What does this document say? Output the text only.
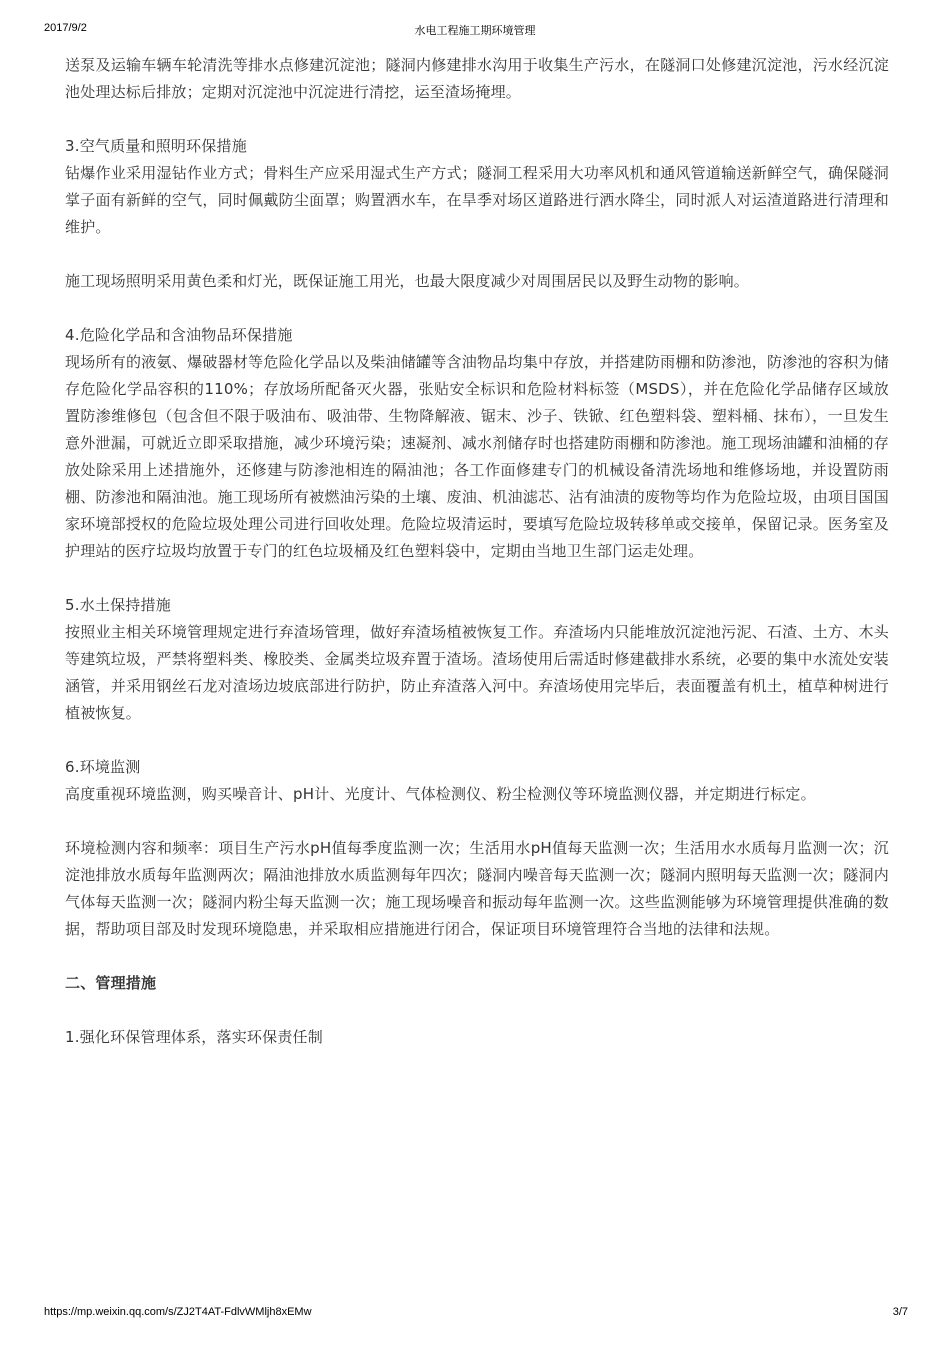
2017/9/2	水电工程施工期环境管理

送泵及运输车辆车轮清洗等排水点修建沉淀池；隧洞内修建排水沟用于收集生产污水，在隧洞口处修建沉淀池，污水经沉淀池处理达标后排放；定期对沉淀池中沉淀进行清挖，运至渣场掩埋。

3.空气质量和照明环保措施

钻爆作业采用湿钻作业方式；骨料生产应采用湿式生产方式；隧洞工程采用大功率风机和通风管道输送新鲜空气，确保隧洞掌子面有新鲜的空气，同时佩戴防尘面罩；购置洒水车，在旱季对场区道路进行洒水降尘，同时派人对运渣道路进行清理和维护。

施工现场照明采用黄色柔和灯光，既保证施工用光，也最大限度减少对周围居民以及野生动物的影响。

4.危险化学品和含油物品环保措施

现场所有的液氨、爆破器材等危险化学品以及柴油储罐等含油物品均集中存放，并搭建防雨棚和防渗池，防渗池的容积为储存危险化学品容积的110%；存放场所配备灭火器，张贴安全标识和危险材料标签（MSDS），并在危险化学品储存区域放置防渗维修包（包含但不限于吸油布、吸油带、生物降解液、锯末、沙子、铁锨、红色塑料袋、塑料桶、抹布），一旦发生意外泄漏，可就近立即采取措施，减少环境污染；速凝剂、减水剂储存时也搭建防雨棚和防渗池。施工现场油罐和油桶的存放处除采用上述措施外，还修建与防渗池相连的隔油池；各工作面修建专门的机械设备清洗场地和维修场地，并设置防雨棚、防渗池和隔油池。施工现场所有被燃油污染的土壤、废油、机油滤芯、沾有油渍的废物等均作为危险垃圾，由项目国国家环境部授权的危险垃圾处理公司进行回收处理。危险垃圾清运时，要填写危险垃圾转移单或交接单，保留记录。医务室及护理站的医疗垃圾均放置于专门的红色垃圾桶及红色塑料袋中，定期由当地卫生部门运走处理。

5.水土保持措施

按照业主相关环境管理规定进行弃渣场管理，做好弃渣场植被恢复工作。弃渣场内只能堆放沉淀池污泥、石渣、土方、木头等建筑垃圾，严禁将塑料类、橡胶类、金属类垃圾弃置于渣场。渣场使用后需适时修建截排水系统，必要的集中水流处安装涵管，并采用钢丝石龙对渣场边坡底部进行防护，防止弃渣落入河中。弃渣场使用完毕后，表面覆盖有机土，植草种树进行植被恢复。

6.环境监测

高度重视环境监测，购买噪音计、pH计、光度计、气体检测仪、粉尘检测仪等环境监测仪器，并定期进行标定。

环境检测内容和频率：项目生产污水pH值每季度监测一次；生活用水pH值每天监测一次；生活用水水质每月监测一次；沉淀池排放水质每年监测两次；隔油池排放水质监测每年四次；隧洞内噪音每天监测一次；隧洞内照明每天监测一次；隧洞内气体每天监测一次；隧洞内粉尘每天监测一次；施工现场噪音和振动每年监测一次。这些监测能够为环境管理提供准确的数据，帮助项目部及时发现环境隐患，并采取相应措施进行闭合，保证项目环境管理符合当地的法律和法规。

二、管理措施

1.强化环保管理体系，落实环保责任制

https://mp.weixin.qq.com/s/ZJ2T4AT-FdlvWMljh8xEMw	3/7
